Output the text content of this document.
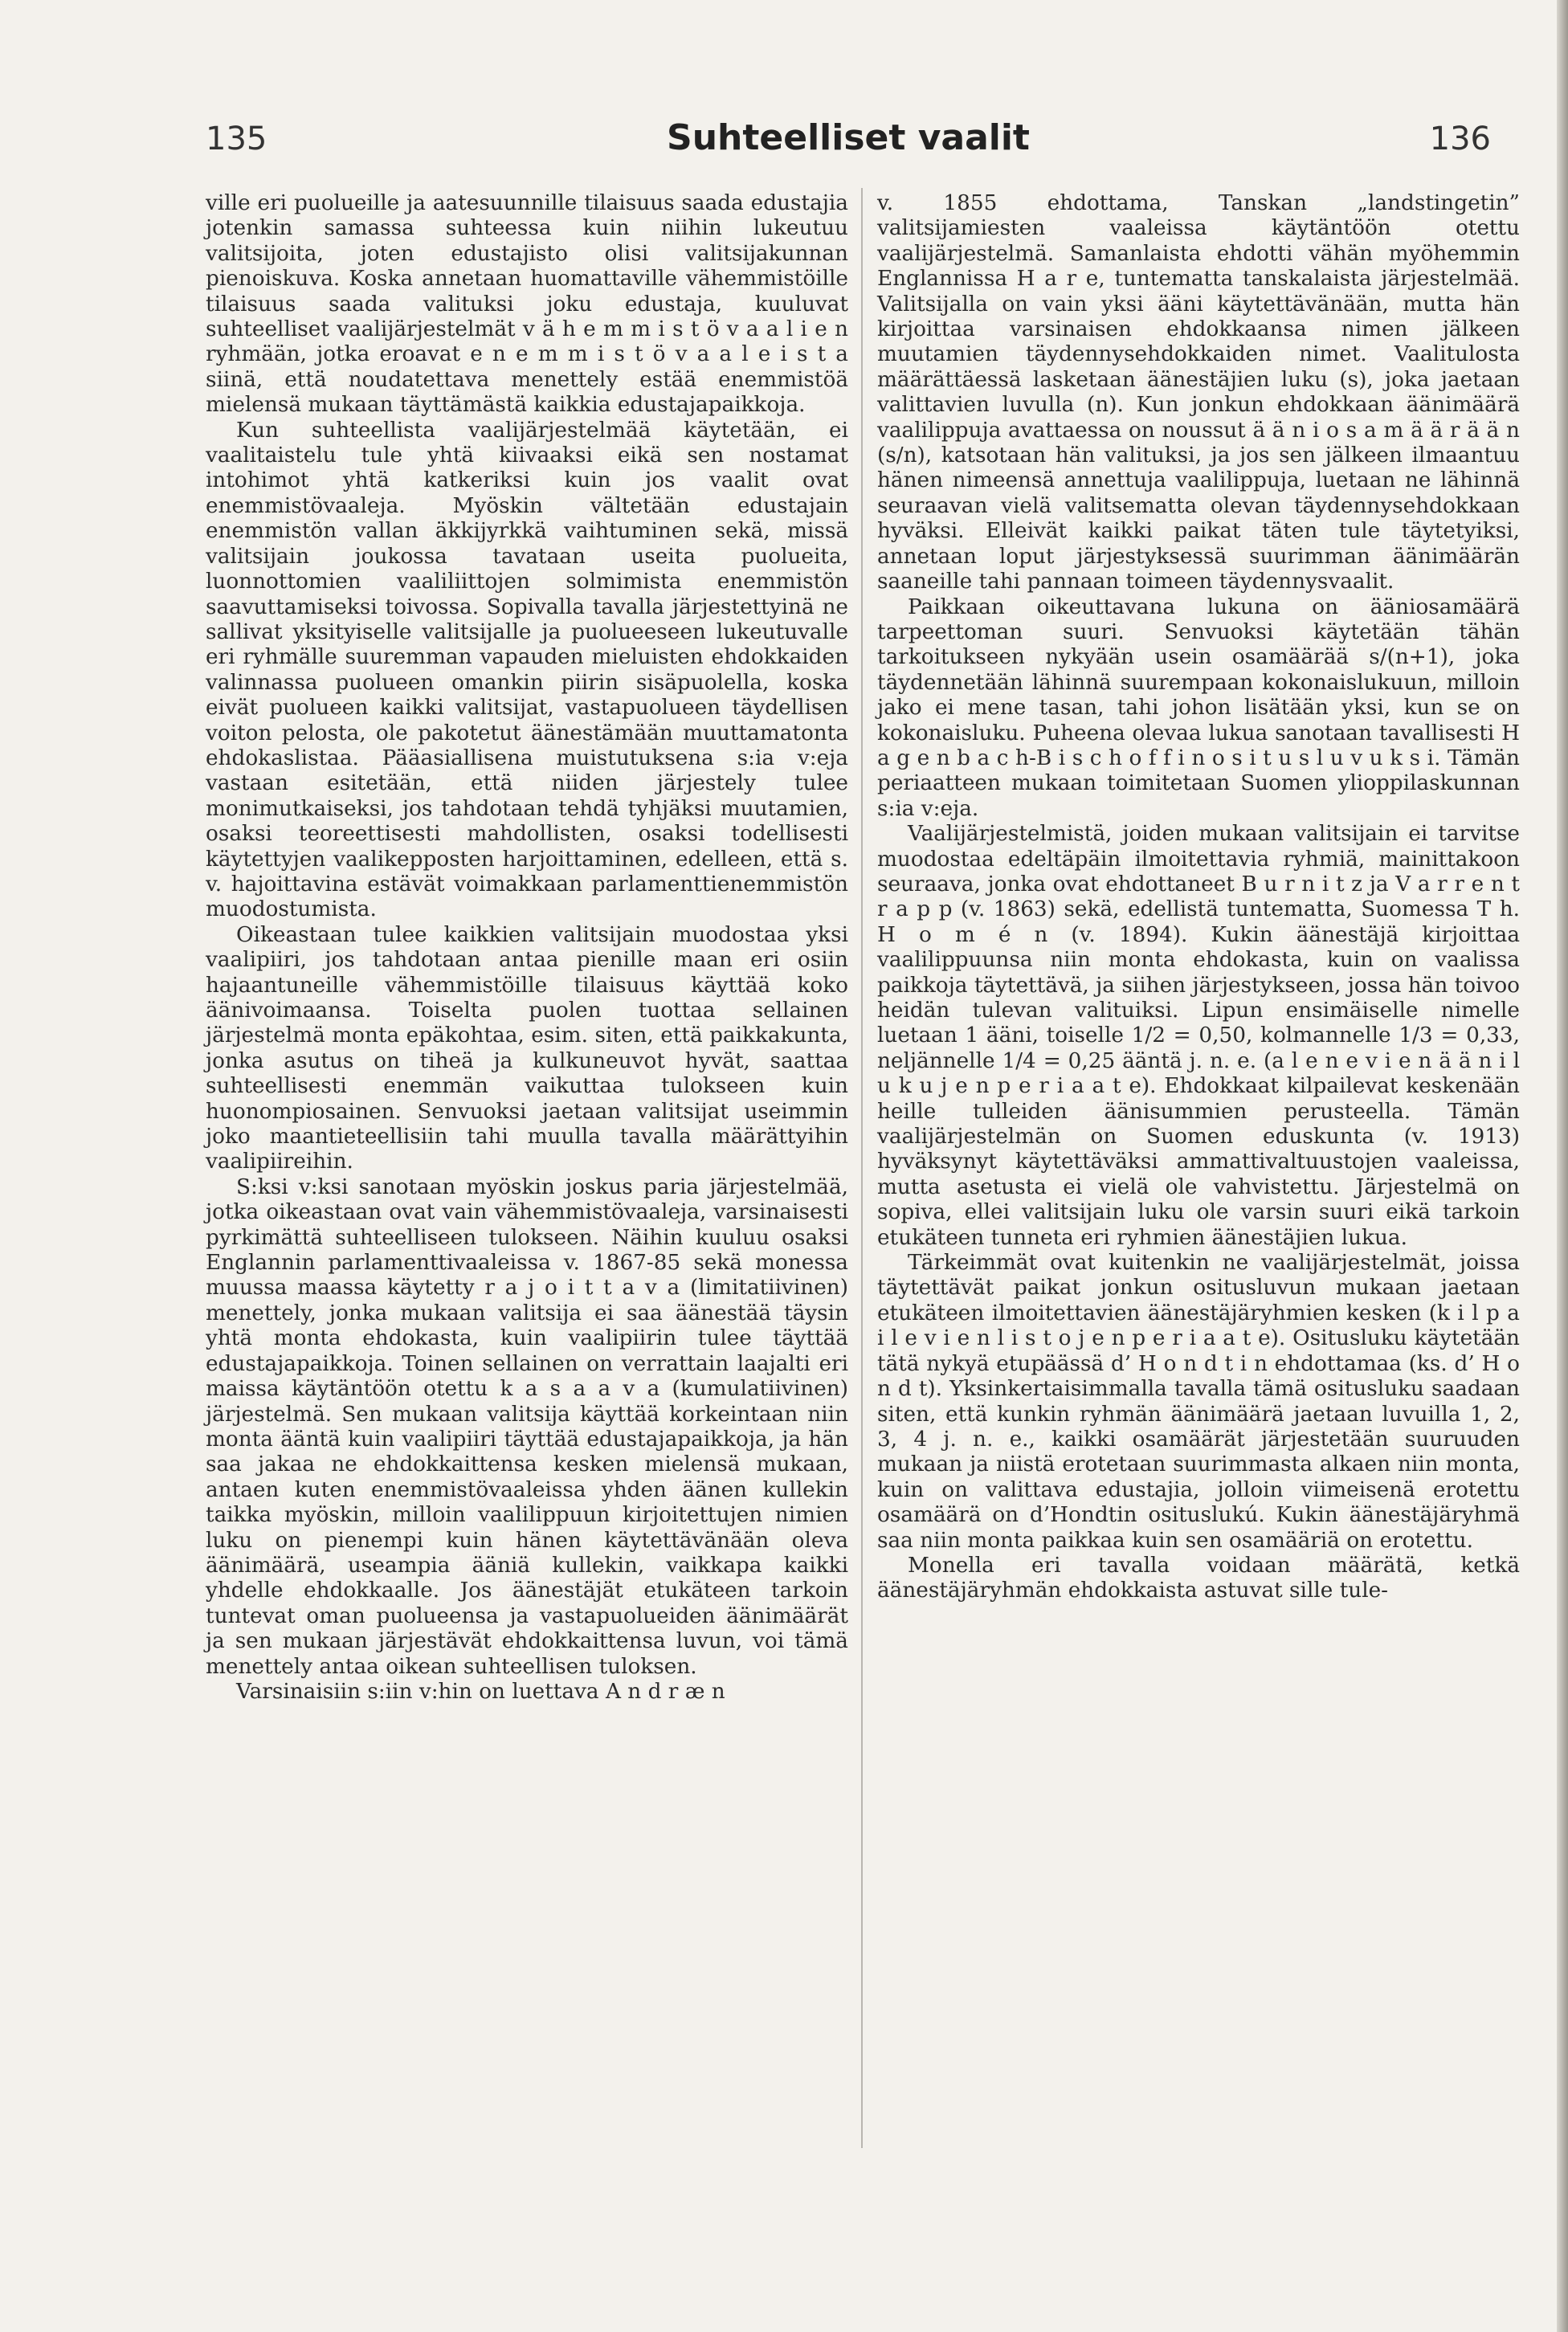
135	Suhteelliset vaalit	136

ville eri puolueille ja aatesuunnille tilaisuus saada edustajia jotenkin samassa suhteessa kuin niihin lukeutuu valitsijoita, joten edustajisto olisi valitsijakunnan pienoiskuva. Koska annetaan huomattaville vähemmistöille tilaisuus saada valituksi joku edustaja, kuuluvat suhteelliset vaalijärjestelmät v ä h e m m i s t ö v a a l i e n ryhmään, jotka eroavat e n e m m i s t ö v a a l e i s t a siinä, että noudatettava menettely estää enemmistöä mielensä mukaan täyttämästä kaikkia edustajapaikkoja.

Kun suhteellista vaalijärjestelmää käytetään, ei vaalitaistelu tule yhtä kiivaaksi eikä sen nostamat intohimot yhtä katkeriksi kuin jos vaalit ovat enemmistövaaleja. Myöskin vältetään edustajain enemmistön vallan äkkijyrkkä vaihtuminen sekä, missä valitsijain joukossa tavataan useita puolueita, luonnottomien vaaliliittojen solmimista enemmistön saavuttamiseksi toivossa. Sopivalla tavalla järjestettyinä ne sallivat yksityiselle valitsijalle ja puolueeseen lukeutuvalle eri ryhmälle suuremman vapauden mieluisten ehdokkaiden valinnassa puolueen omankin piirin sisäpuolella, koska eivät puolueen kaikki valitsijat, vastapuolueen täydellisen voiton pelosta, ole pakotetut äänestämään muuttamatonta ehdokaslistaa. Pääasiallisena muistutuksena s:ia v:eja vastaan esitetään, että niiden järjestely tulee monimutkaiseksi, jos tahdotaan tehdä tyhjäksi muutamien, osaksi teoreettisesti mahdollisten, osaksi todellisesti käytettyjen vaalikepposten harjoittaminen, edelleen, että s. v. hajoittavina estävät voimakkaan parlamenttienemmistön muodostumista.

Oikeastaan tulee kaikkien valitsijain muodostaa yksi vaalipiiri, jos tahdotaan antaa pienille maan eri osiin hajaantuneille vähemmistöille tilaisuus käyttää koko äänivoimaansa. Toiselta puolen tuottaa sellainen järjestelmä monta epäkohtaa, esim. siten, että paikkakunta, jonka asutus on tiheä ja kulkuneuvot hyvät, saattaa suhteellisesti enemmän vaikuttaa tulokseen kuin huonompiosainen. Senvuoksi jaetaan valitsijat useimmin joko maantieteellisiin tahi muulla tavalla määrättyihin vaalipiireihin.

S:ksi v:ksi sanotaan myöskin joskus paria järjestelmää, jotka oikeastaan ovat vain vähemmistövaaleja, varsinaisesti pyrkimättä suhteelliseen tulokseen. Näihin kuuluu osaksi Englannin parlamenttivaaleissa v. 1867-85 sekä monessa muussa maassa käytetty r a j o i t t a v a (limitatiivinen) menettely, jonka mukaan valitsija ei saa äänestää täysin yhtä monta ehdokasta, kuin vaalipiirin tulee täyttää edustajapaikkoja. Toinen sellainen on verrattain laajalti eri maissa käytäntöön otettu k a s a a v a (kumulatiivinen) järjestelmä. Sen mukaan valitsija käyttää korkeintaan niin monta ääntä kuin vaalipiiri täyttää edustajapaikkoja, ja hän saa jakaa ne ehdokkaittensa kesken mielensä mukaan, antaen kuten enemmistövaaleissa yhden äänen kullekin taikka myöskin, milloin vaalilippuun kirjoitettujen nimien luku on pienempi kuin hänen käytettävänään oleva äänimäärä, useampia ääniä kullekin, vaikkapa kaikki yhdelle ehdokkaalle. Jos äänestäjät etukäteen tarkoin tuntevat oman puolueensa ja vastapuolueiden äänimäärät ja sen mukaan järjestävät ehdokkaittensa luvun, voi tämä menettely antaa oikean suhteellisen tuloksen.

Varsinaisiin s:iin v:hin on luettava A n d r æ n

v. 1855 ehdottama, Tanskan „landstingetin” valitsijamiesten vaaleissa käytäntöön otettu vaalijärjestelmä. Samanlaista ehdotti vähän myöhemmin Englannissa H a r e, tuntematta tanskalaista järjestelmää. Valitsijalla on vain yksi ääni käytettävänään, mutta hän kirjoittaa varsinaisen ehdokkaansa nimen jälkeen muutamien täydennysehdokkaiden nimet. Vaalitulosta määrättäessä lasketaan äänestäjien luku (s), joka jaetaan valittavien luvulla (n). Kun jonkun ehdokkaan äänimäärä vaalilippuja avattaessa on noussut ä ä n i o s a m ä ä r ä ä n (s/n), katsotaan hän valituksi, ja jos sen jälkeen ilmaantuu hänen nimeensä annettuja vaalilippuja, luetaan ne lähinnä seuraavan vielä valitsematta olevan täydennysehdokkaan hyväksi. Elleivät kaikki paikat täten tule täytetyiksi, annetaan loput järjestyksessä suurimman äänimäärän saaneille tahi pannaan toimeen täydennysvaalit.

Paikkaan oikeuttavana lukuna on ääniosamäärä tarpeettoman suuri. Senvuoksi käytetään tähän tarkoitukseen nykyään usein osamäärää s/(n+1), joka täydennetään lähinnä suurempaan kokonaislukuun, milloin jako ei mene tasan, tahi johon lisätään yksi, kun se on kokonaisluku. Puheena olevaa lukua sanotaan tavallisesti H a g e n b a c h-B i s c h o f f i n o s i t u s l u v u k s i. Tämän periaatteen mukaan toimitetaan Suomen ylioppilaskunnan s:ia v:eja.

Vaalijärjestelmistä, joiden mukaan valitsijain ei tarvitse muodostaa edeltäpäin ilmoitettavia ryhmiä, mainittakoon seuraava, jonka ovat ehdottaneet B u r n i t z ja V a r r e n t r a p p (v. 1863) sekä, edellistä tuntematta, Suomessa T h. H o m é n (v. 1894). Kukin äänestäjä kirjoittaa vaalilippuunsa niin monta ehdokasta, kuin on vaalissa paikkoja täytettävä, ja siihen järjestykseen, jossa hän toivoo heidän tulevan valituiksi. Lipun ensimäiselle nimelle luetaan 1 ääni, toiselle 1/2 = 0,50, kolmannelle 1/3 = 0,33, neljännelle 1/4 = 0,25 ääntä j. n. e. (a l e n e v i e n ä ä n i l u k u j e n p e r i a a t e). Ehdokkaat kilpailevat keskenään heille tulleiden äänisummien perusteella. Tämän vaalijärjestelmän on Suomen eduskunta (v. 1913) hyväksynyt käytettäväksi ammattivaltuustojen vaaleissa, mutta asetusta ei vielä ole vahvistettu. Järjestelmä on sopiva, ellei valitsijain luku ole varsin suuri eikä tarkoin etukäteen tunneta eri ryhmien äänestäjien lukua.

Tärkeimmät ovat kuitenkin ne vaalijärjestelmät, joissa täytettävät paikat jonkun ositusluvun mukaan jaetaan etukäteen ilmoitettavien äänestäjäryhmien kesken (k i l p a i l e v i e n l i s t o j e n p e r i a a t e). Ositusluku käytetään tätä nykyä etupäässä d’ H o n d t i n ehdottamaa (ks. d’ H o n d t). Yksinkertaisimmalla tavalla tämä ositusluku saadaan siten, että kunkin ryhmän äänimäärä jaetaan luvuilla 1, 2, 3, 4 j. n. e., kaikki osamäärät järjestetään suuruuden mukaan ja niistä erotetaan suurimmasta alkaen niin monta, kuin on valittava edustajia, jolloin viimeisenä erotettu osamäärä on d’Hondtin osituslukú. Kukin äänestäjäryhmä saa niin monta paikkaa kuin sen osamääriä on erotettu.

Monella eri tavalla voidaan määrätä, ketkä äänestäjäryhmän ehdokkaista astuvat sille tule-
